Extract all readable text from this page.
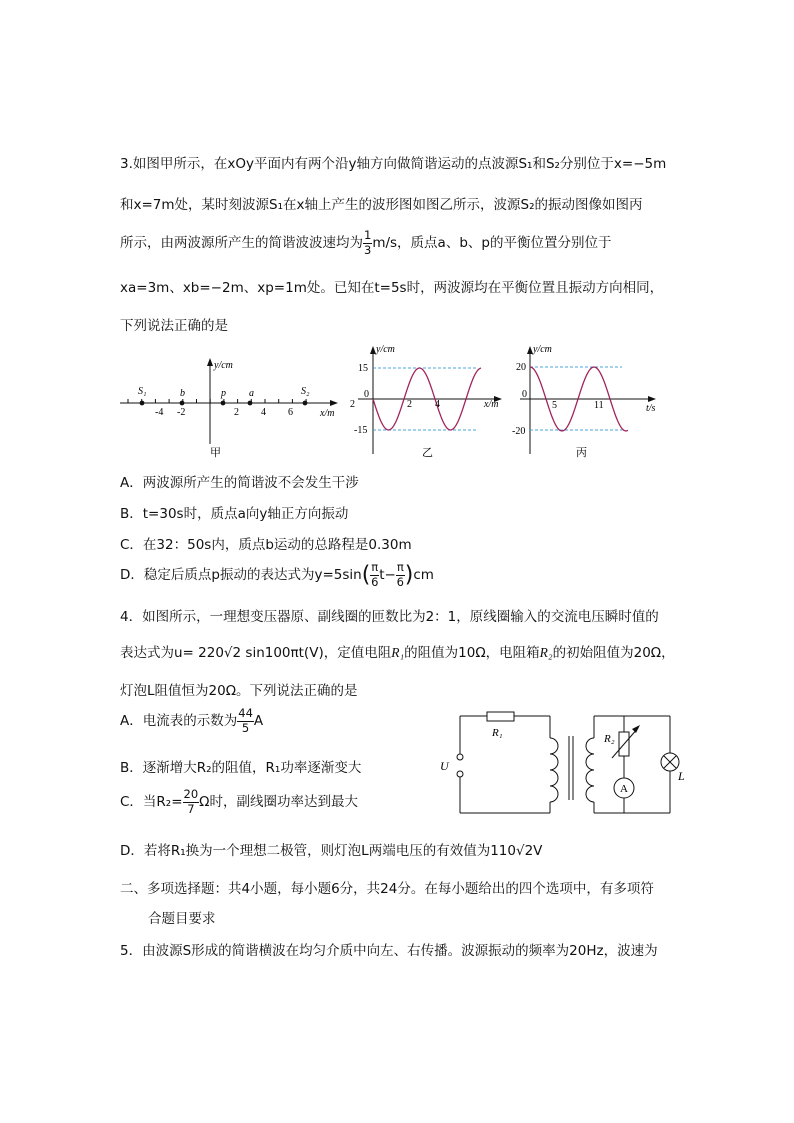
3.如图甲所示，在xOy平面内有两个沿y轴方向做简谐运动的点波源S₁和S₂分别位于x=−5m
和x=7m处，某时刻波源S₁在x轴上产生的波形图如图乙所示，波源S₂的振动图像如图丙
所示，由两波源所产生的简谐波波速均为 $\frac{1}{3} m/s$，质点a、b、p的平衡位置分别位于
xa=3m、xb=−2m、xp=1m处。已知在t=5s时，两波源均在平衡位置且振动方向相同，
下列说法正确的是
y/cm
x/m
S₁	b	p a	S₂
-4 -2	2 4 6
甲
y/cm
x/m
15
-15
2
0
2 4
乙
y/cm
t/s
20
-20
0
5	11
丙
A．两波源所产生的简谐波不会发生干涉
B．t=30s时，质点a向y轴正方向振动
C．在32：50s内，质点b运动的总路程是0.30m
D．稳定后质点p振动的表达式为$y=5\sin( \frac{\pi}{6} t- \frac{\pi}{6} )cm$
4．如图所示，一理想变压器原、副线圈的匝数比为2：1，原线圈输入的交流电压瞬时值的
表达式为u= 220√2 sin100πt(V)，定值电阻R₁的阻值为10Ω，电阻箱R₂的初始阻值为20Ω，
灯泡L阻值恒为20Ω。下列说法正确的是
A．电流表的示数为 $\frac{44}{5}$ A
B．逐渐增大R₂的阻值，R₁功率逐渐变大
C．当$R_2= \frac{20}{7}$ Ω时，副线圈功率达到最大
D．若将R₁换为一个理想二极管，则灯泡L两端电压的有效值为110√2V
U
R₁	R₂
A
L
二、多项选择题：共4小题，每小题6分，共24分。在每小题给出的四个选项中，有多项符
合题目要求
5．由波源S形成的简谐横波在均匀介质中向左、右传播。波源振动的频率为20Hz，波速为
